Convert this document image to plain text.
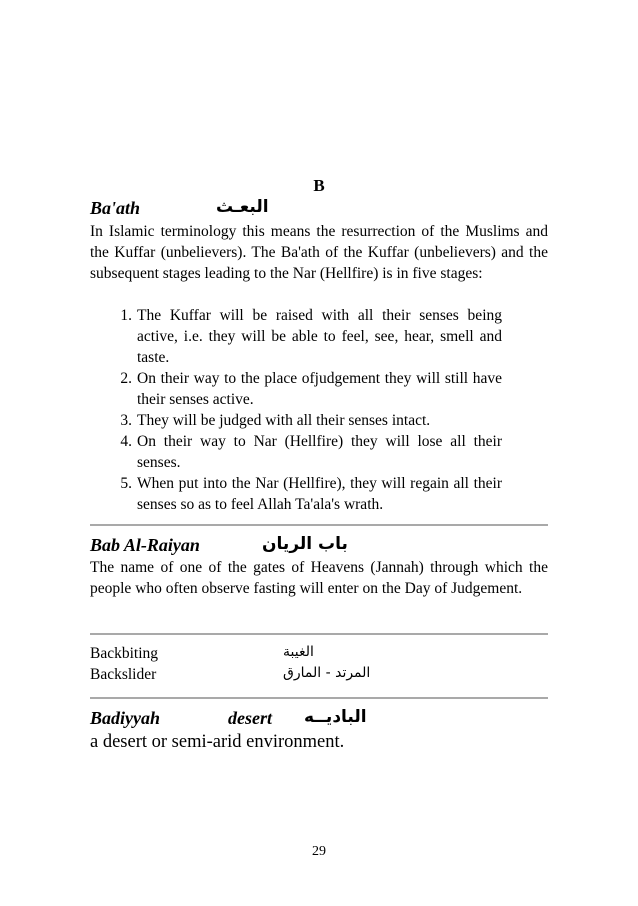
B
Ba'ath	البعـث

In Islamic terminology this means the resurrection of the Muslims and the Kuffar (unbelievers). The Ba'ath of the Kuffar (unbelievers) and the subsequent stages leading to the Nar (Hellfire) is in five stages:

1. The Kuffar will be raised with all their senses being active, i.e. they will be able to feel, see, hear, smell and taste.
2. On their way to the place ofjudgement they will still have their senses active.
3. They will be judged with all their senses intact.
4. On their way to Nar (Hellfire) they will lose all their senses.
5. When put into the Nar (Hellfire), they will regain all their senses so as to feel Allah Ta'ala's wrath.
Bab Al-Raiyan	باب الريان

The name of one of the gates of Heavens (Jannah) through which the people who often observe fasting will enter on the Day of Judgement.

Backbiting	الغيبة
Backslider	المرتد - المارق
Badiyyah	desert الباديــه
a desert or semi-arid environment.
29
